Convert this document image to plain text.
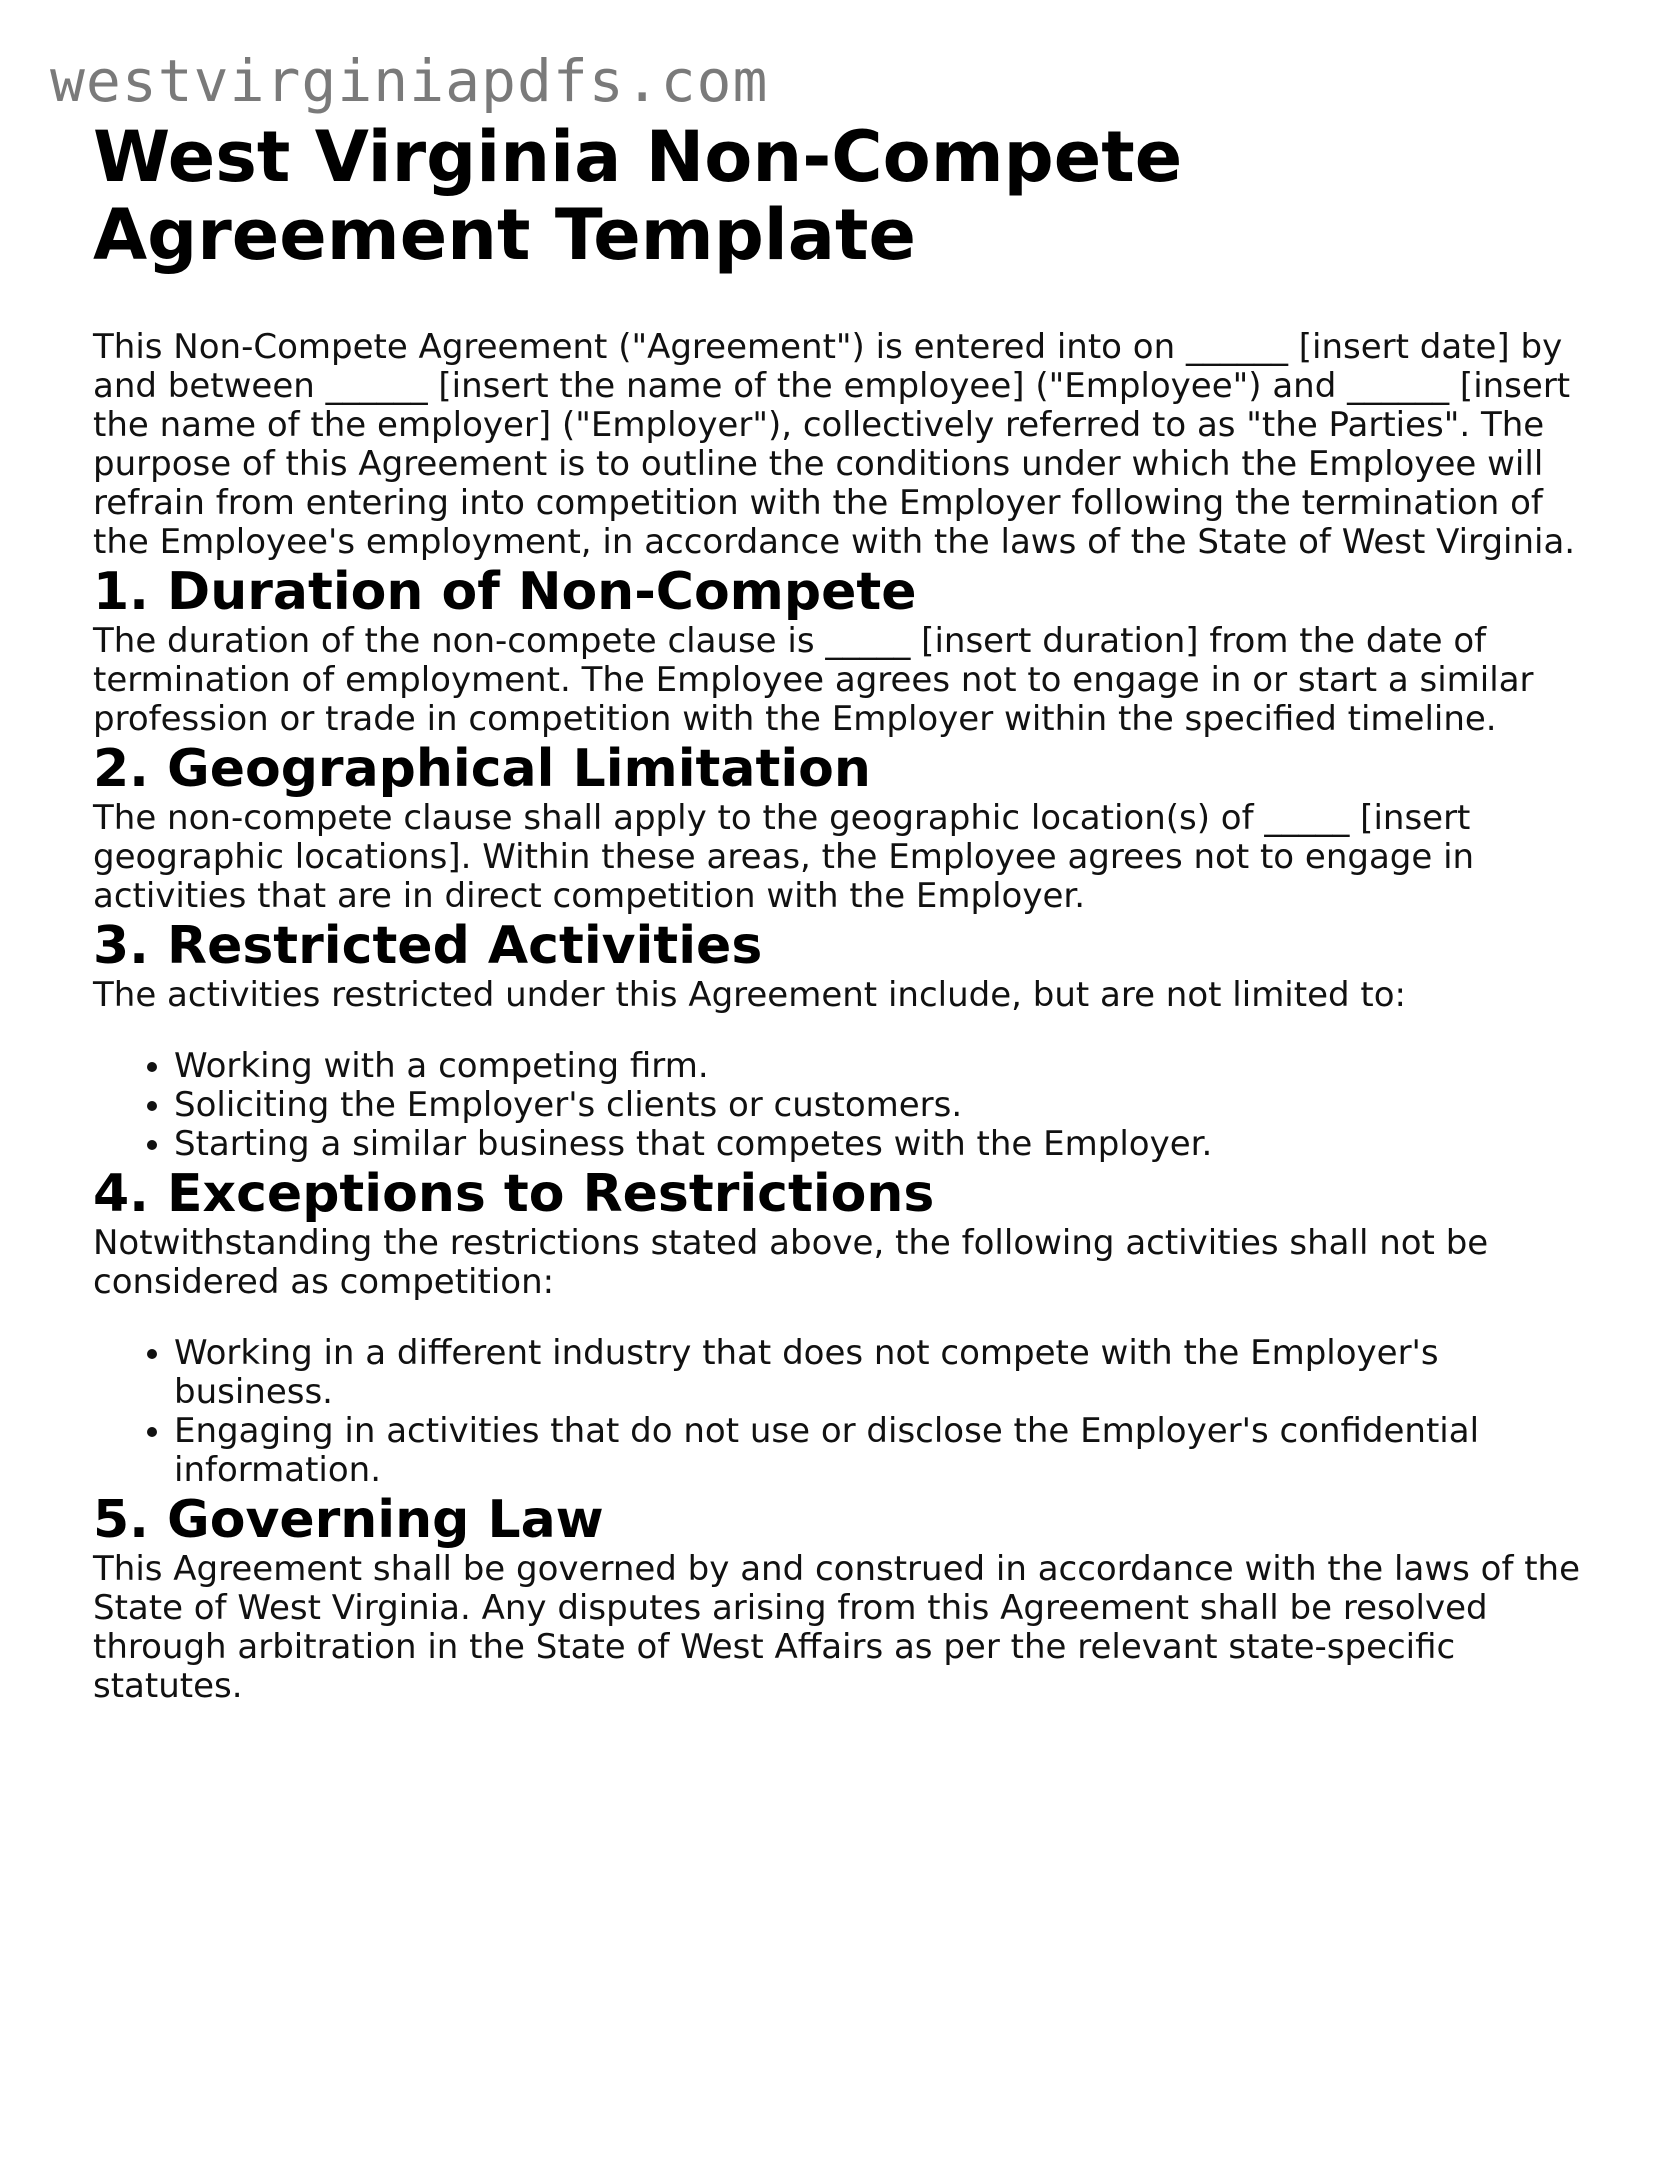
westvirginiapdfs.com
West Virginia Non-Compete Agreement Template

This Non-Compete Agreement ("Agreement") is entered into on ______ [insert date] by and between ______ [insert the name of the employee] ("Employee") and ______ [insert the name of the employer] ("Employer"), collectively referred to as "the Parties". The purpose of this Agreement is to outline the conditions under which the Employee will refrain from entering into competition with the Employer following the termination of the Employee's employment, in accordance with the laws of the State of West Virginia.

1. Duration of Non-Compete

The duration of the non-compete clause is _____ [insert duration] from the date of termination of employment. The Employee agrees not to engage in or start a similar profession or trade in competition with the Employer within the specified timeline.

2. Geographical Limitation

The non-compete clause shall apply to the geographic location(s) of _____ [insert geographic locations]. Within these areas, the Employee agrees not to engage in activities that are in direct competition with the Employer.

3. Restricted Activities

The activities restricted under this Agreement include, but are not limited to:

• Working with a competing firm.
• Soliciting the Employer's clients or customers.
• Starting a similar business that competes with the Employer.
4. Exceptions to Restrictions

Notwithstanding the restrictions stated above, the following activities shall not be considered as competition:

• Working in a different industry that does not compete with the Employer's business.
• Engaging in activities that do not use or disclose the Employer's confidential information.
5. Governing Law

This Agreement shall be governed by and construed in accordance with the laws of the State of West Virginia. Any disputes arising from this Agreement shall be resolved through arbitration in the State of West Affairs as per the relevant state-specific statutes.
